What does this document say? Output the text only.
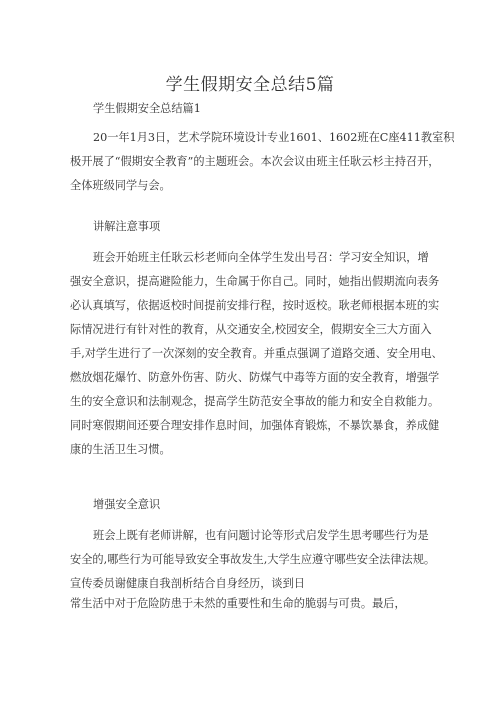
学生假期安全总结5篇
学生假期安全总结篇1
20一年1月3日，艺术学院环境设计专业1601、1602班在C座411教室积
极开展了“假期安全教育”的主题班会。本次会议由班主任耿云杉主持召开，
全体班级同学与会。
讲解注意事项
班会开始班主任耿云杉老师向全体学生发出号召：学习安全知识，增
强安全意识，提高避险能力，生命属于你自己。同时，她指出假期流向表务
必认真填写，依据返校时间提前安排行程，按时返校。耿老师根据本班的实
际情况进行有针对性的教育，从交通安全,校园安全，假期安全三大方面入
手,对学生进行了一次深刻的安全教育。并重点强调了道路交通、安全用电、
燃放烟花爆竹、防意外伤害、防火、防煤气中毒等方面的安全教育，增强学
生的安全意识和法制观念，提高学生防范安全事故的能力和安全自救能力。
同时寒假期间还要合理安排作息时间，加强体育锻炼，不暴饮暴食，养成健
康的生活卫生习惯。
增强安全意识
班会上既有老师讲解，也有问题讨论等形式启发学生思考哪些行为是
安全的,哪些行为可能导致安全事故发生,大学生应遵守哪些安全法律法规。
宣传委员谢健康自我剖析结合自身经历，谈到日
常生活中对于危险防患于未然的重要性和生命的脆弱与可贵。最后，
